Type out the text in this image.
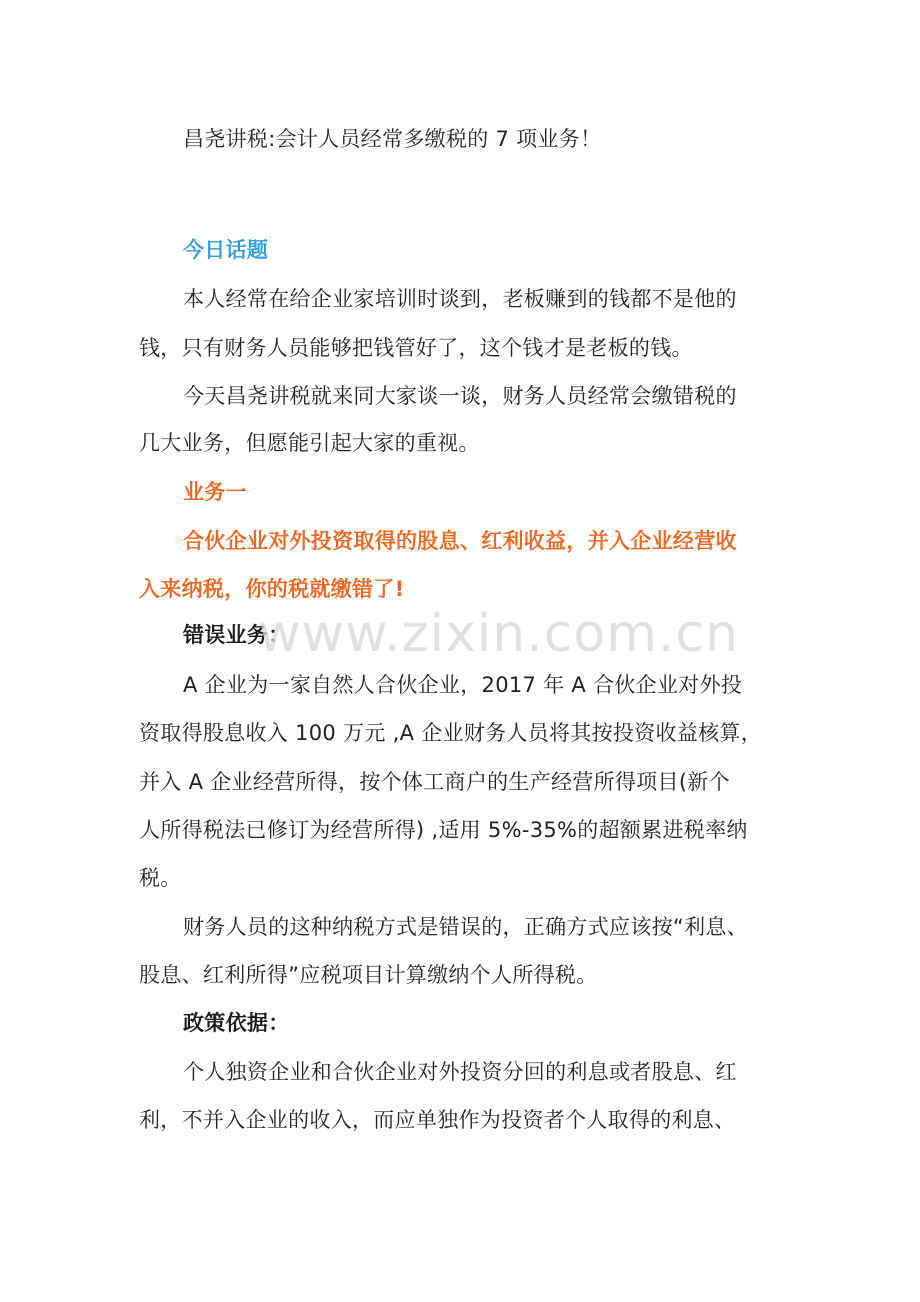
昌尧讲税:会计人员经常多缴税的 7 项业务！
今日话题
本人经常在给企业家培训时谈到，老板赚到的钱都不是他的
钱，只有财务人员能够把钱管好了，这个钱才是老板的钱。
今天昌尧讲税就来同大家谈一谈，财务人员经常会缴错税的
几大业务，但愿能引起大家的重视。
业务一
合伙企业对外投资取得的股息、红利收益，并入企业经营收
入来纳税，你的税就缴错了!
错误业务：
A 企业为一家自然人合伙企业，2017 年 A 合伙企业对外投
资取得股息收入 100 万元 ,A 企业财务人员将其按投资收益核算，
并入 A 企业经营所得，按个体工商户的生产经营所得项目(新个
人所得税法已修订为经营所得) ,适用 5%-35%的超额累进税率纳
税。
财务人员的这种纳税方式是错误的，正确方式应该按“利息、
股息、红利所得”应税项目计算缴纳个人所得税。
政策依据：
个人独资企业和合伙企业对外投资分回的利息或者股息、红
利，不并入企业的收入，而应单独作为投资者个人取得的利息、
www.zixin.com.cn
